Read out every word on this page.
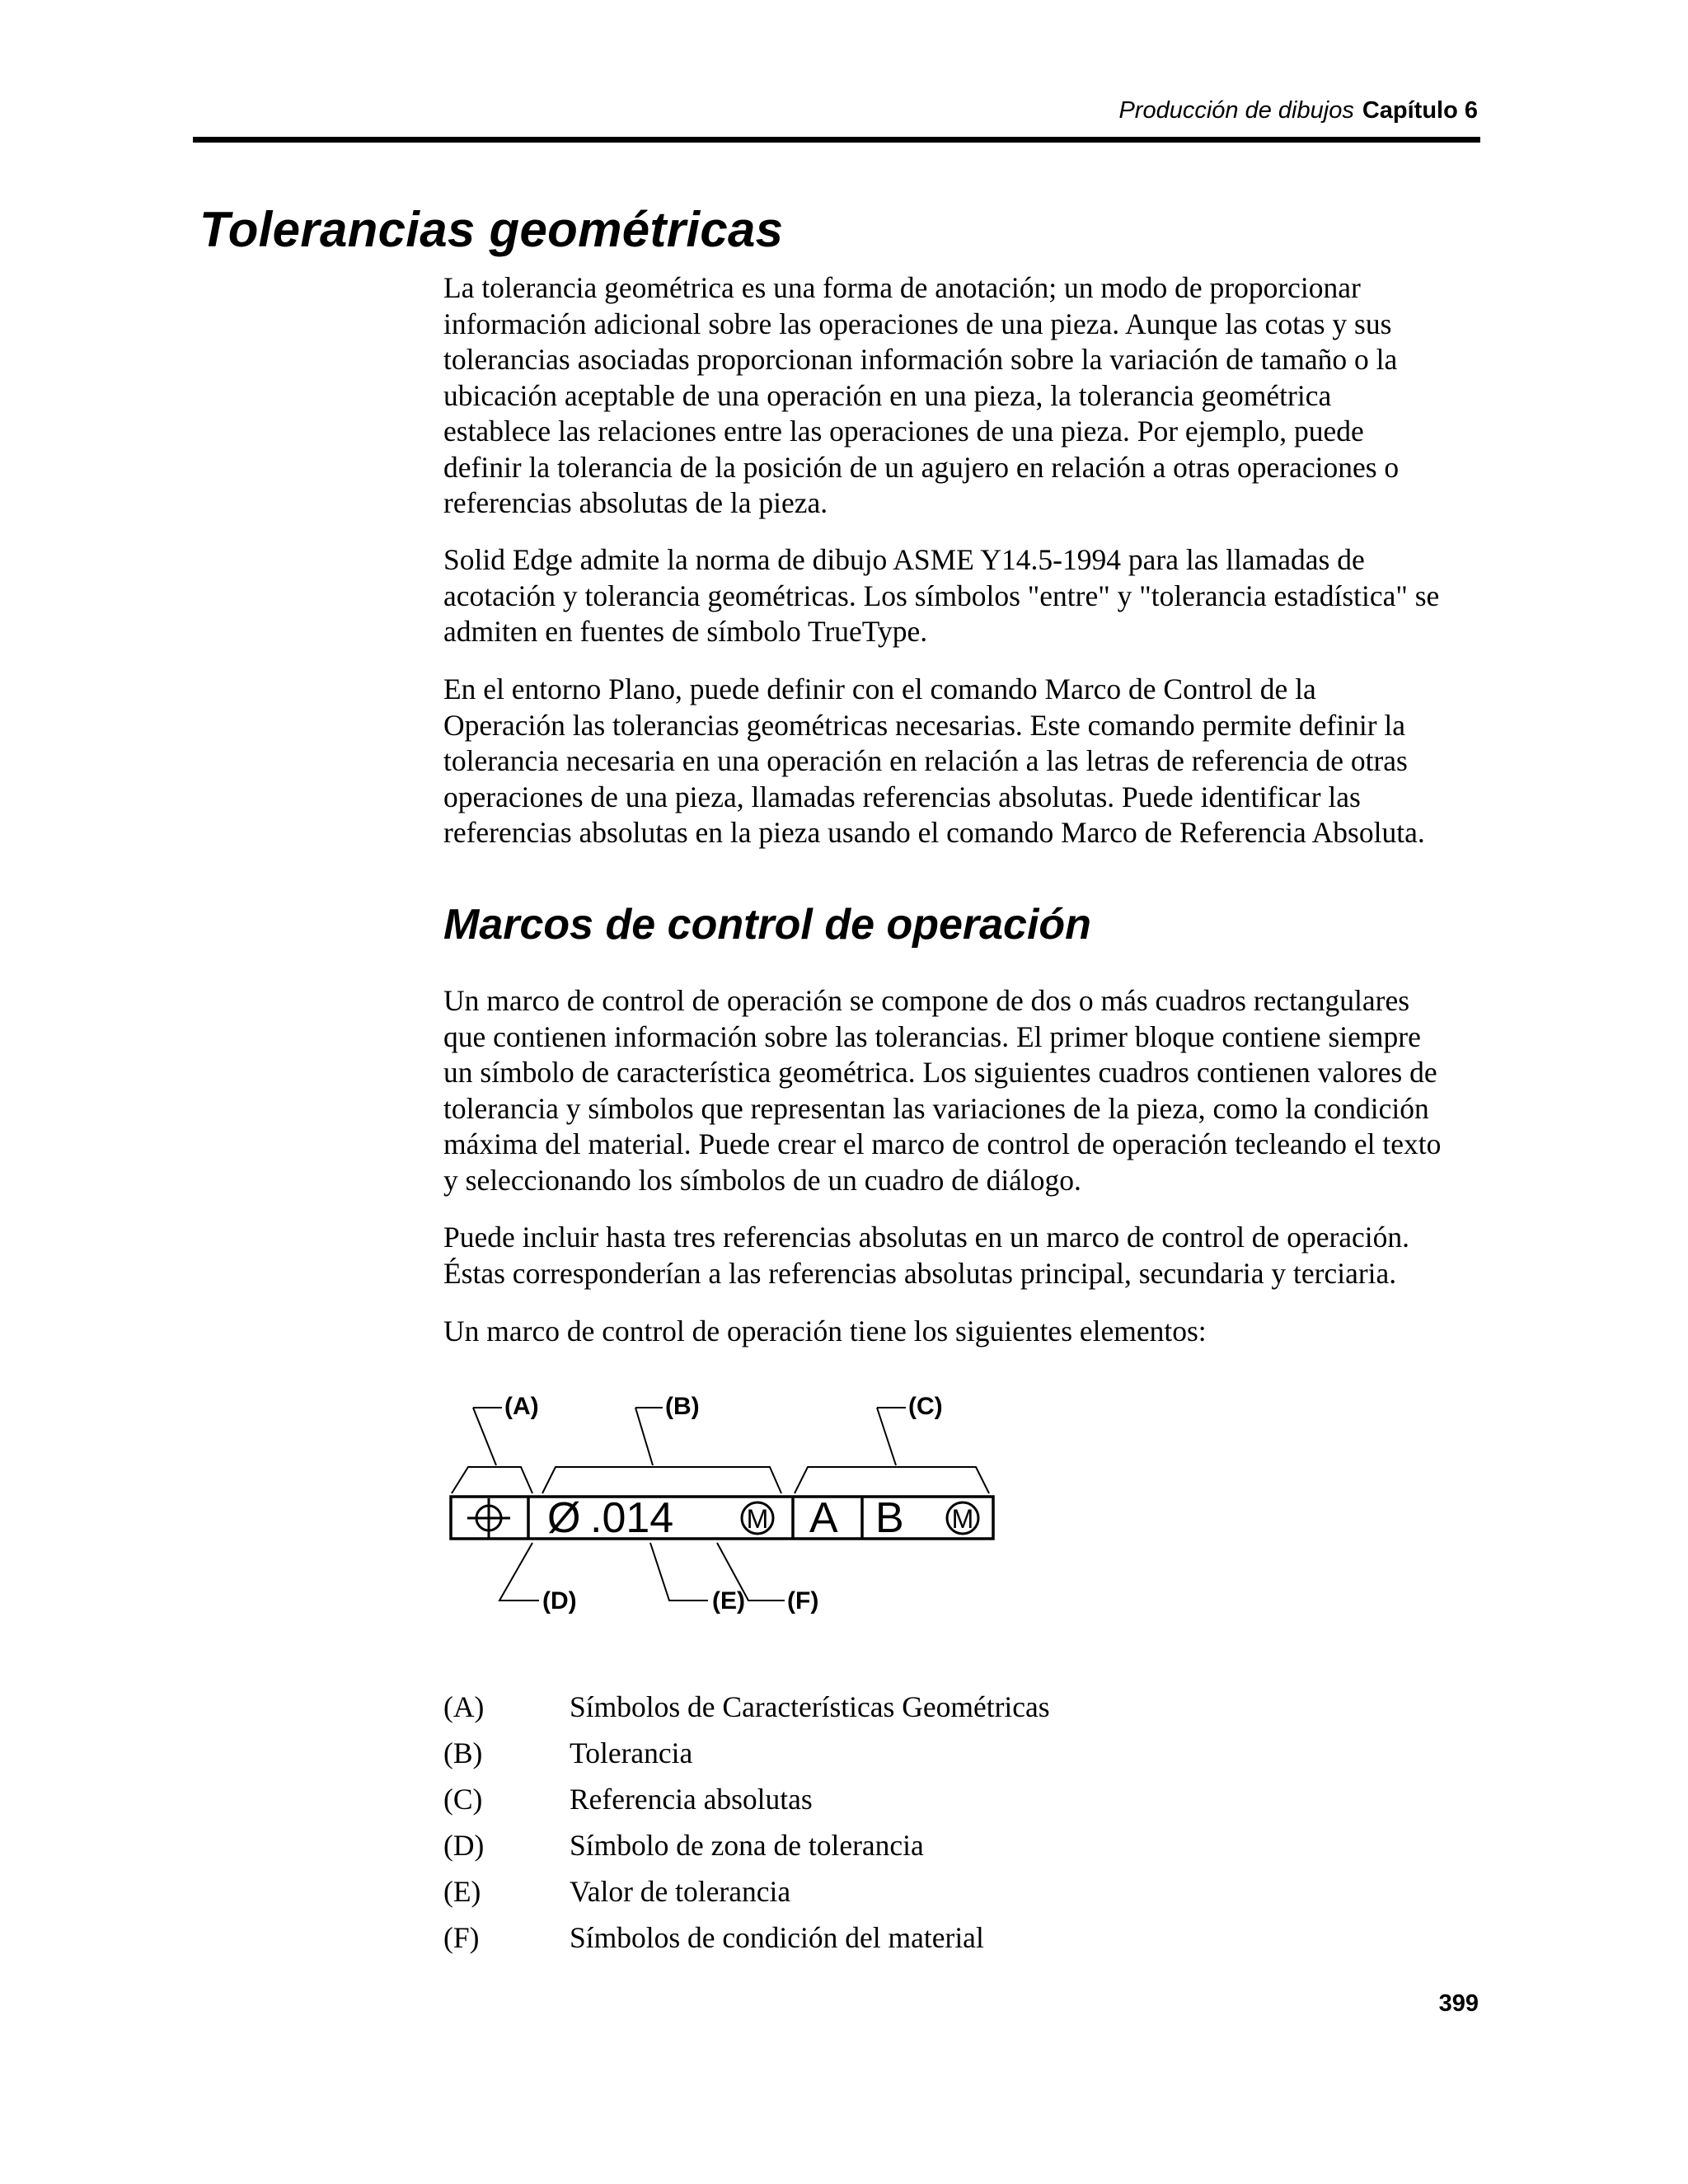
Producción de dibujos Capítulo 6
Tolerancias geométricas

La tolerancia geométrica es una forma de anotación; un modo de proporcionar
información adicional sobre las operaciones de una pieza. Aunque las cotas y sus
tolerancias asociadas proporcionan información sobre la variación de tamaño o la
ubicación aceptable de una operación en una pieza, la tolerancia geométrica
establece las relaciones entre las operaciones de una pieza. Por ejemplo, puede
definir la tolerancia de la posición de un agujero en relación a otras operaciones o
referencias absolutas de la pieza.

Solid Edge admite la norma de dibujo ASME Y14.5-1994 para las llamadas de
acotación y tolerancia geométricas. Los símbolos "entre" y "tolerancia estadística" se
admiten en fuentes de símbolo TrueType.

En el entorno Plano, puede definir con el comando Marco de Control de la
Operación las tolerancias geométricas necesarias. Este comando permite definir la
tolerancia necesaria en una operación en relación a las letras de referencia de otras
operaciones de una pieza, llamadas referencias absolutas. Puede identificar las
referencias absolutas en la pieza usando el comando Marco de Referencia Absoluta.

Marcos de control de operación

Un marco de control de operación se compone de dos o más cuadros rectangulares
que contienen información sobre las tolerancias. El primer bloque contiene siempre
un símbolo de característica geométrica. Los siguientes cuadros contienen valores de
tolerancia y símbolos que representan las variaciones de la pieza, como la condición
máxima del material. Puede crear el marco de control de operación tecleando el texto
y seleccionando los símbolos de un cuadro de diálogo.

Puede incluir hasta tres referencias absolutas en un marco de control de operación.
Éstas corresponderían a las referencias absolutas principal, secundaria y terciaria.

Un marco de control de operación tiene los siguientes elementos:

Ø .014	M A B M
(A)	(B)	(C)
(D)	(E) (F)
(A)	Símbolos de Características Geométricas
(B)	Tolerancia
(C)	Referencia absolutas
(D)	Símbolo de zona de tolerancia
(E)	Valor de tolerancia
(F)	Símbolos de condición del material
399
